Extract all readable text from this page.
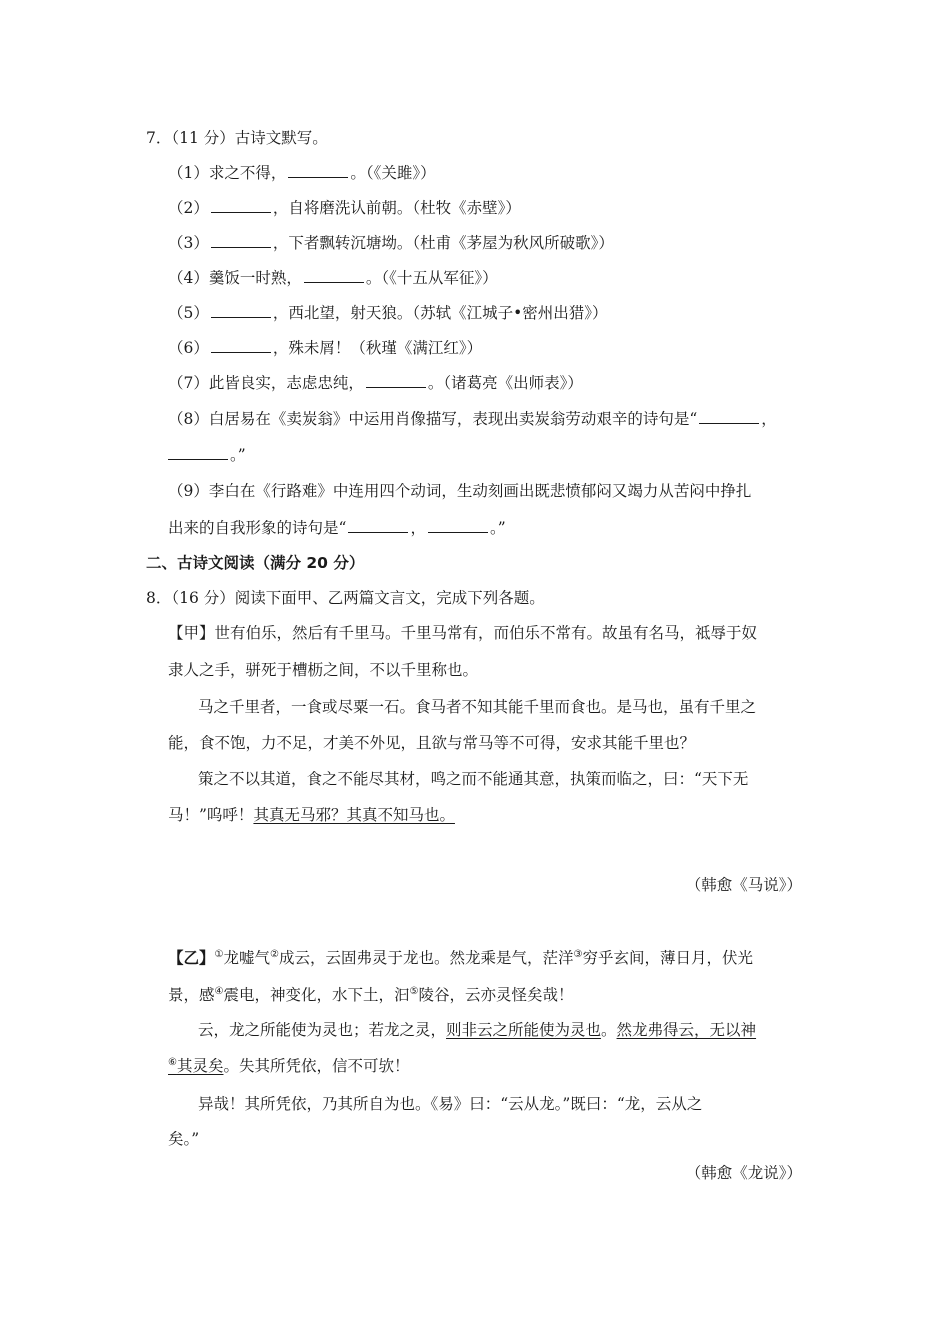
7．（11 分）古诗文默写。
（1）求之不得，	。（《关雎》）
（2）	，自将磨洗认前朝。（杜牧《赤壁》）
（3）	，下者飘转沉塘坳。（杜甫《茅屋为秋风所破歌》）
（4）羹饭一时熟，	。（《十五从军征》）
（5）	，西北望，射天狼。（苏轼《江城子•密州出猎》）
（6）	，殊未屑！（秋瑾《满江红》）
（7）此皆良实，志虑忠纯，	。（诸葛亮《出师表》）
（8）白居易在《卖炭翁》中运用肖像描写，表现出卖炭翁劳动艰辛的诗句是“	，
。”
（9）李白在《行路难》中连用四个动词，生动刻画出既悲愤郁闷又竭力从苦闷中挣扎
出来的自我形象的诗句是“	，	。”
二、古诗文阅读（满分 20 分）
8．（16 分）阅读下面甲、乙两篇文言文，完成下列各题。
【甲】世有伯乐，然后有千里马。千里马常有，而伯乐不常有。故虽有名马，祗辱于奴
隶人之手，骈死于槽枥之间，不以千里称也。
马之千里者，一食或尽粟一石。食马者不知其能千里而食也。是马也，虽有千里之
能，食不饱，力不足，才美不外见，且欲与常马等不可得，安求其能千里也？
策之不以其道，食之不能尽其材，鸣之而不能通其意，执策而临之，曰：“天下无
马！”呜呼！其真无马邪？其真不知马也。
（韩愈《马说》）
【乙】①龙嘘气②成云，云固弗灵于龙也。然龙乘是气，茫洋③穷乎玄间，薄日月，伏光
景，感④震电，神变化，水下土，汩⑤陵谷，云亦灵怪矣哉！
云，龙之所能使为灵也；若龙之灵，则非云之所能使为灵也。然龙弗得云，无以神
⑥其灵矣。失其所凭依，信不可欤！
异哉！其所凭依，乃其所自为也。《易》曰：“云从龙。”既曰：“龙，云从之
矣。”
（韩愈《龙说》）
